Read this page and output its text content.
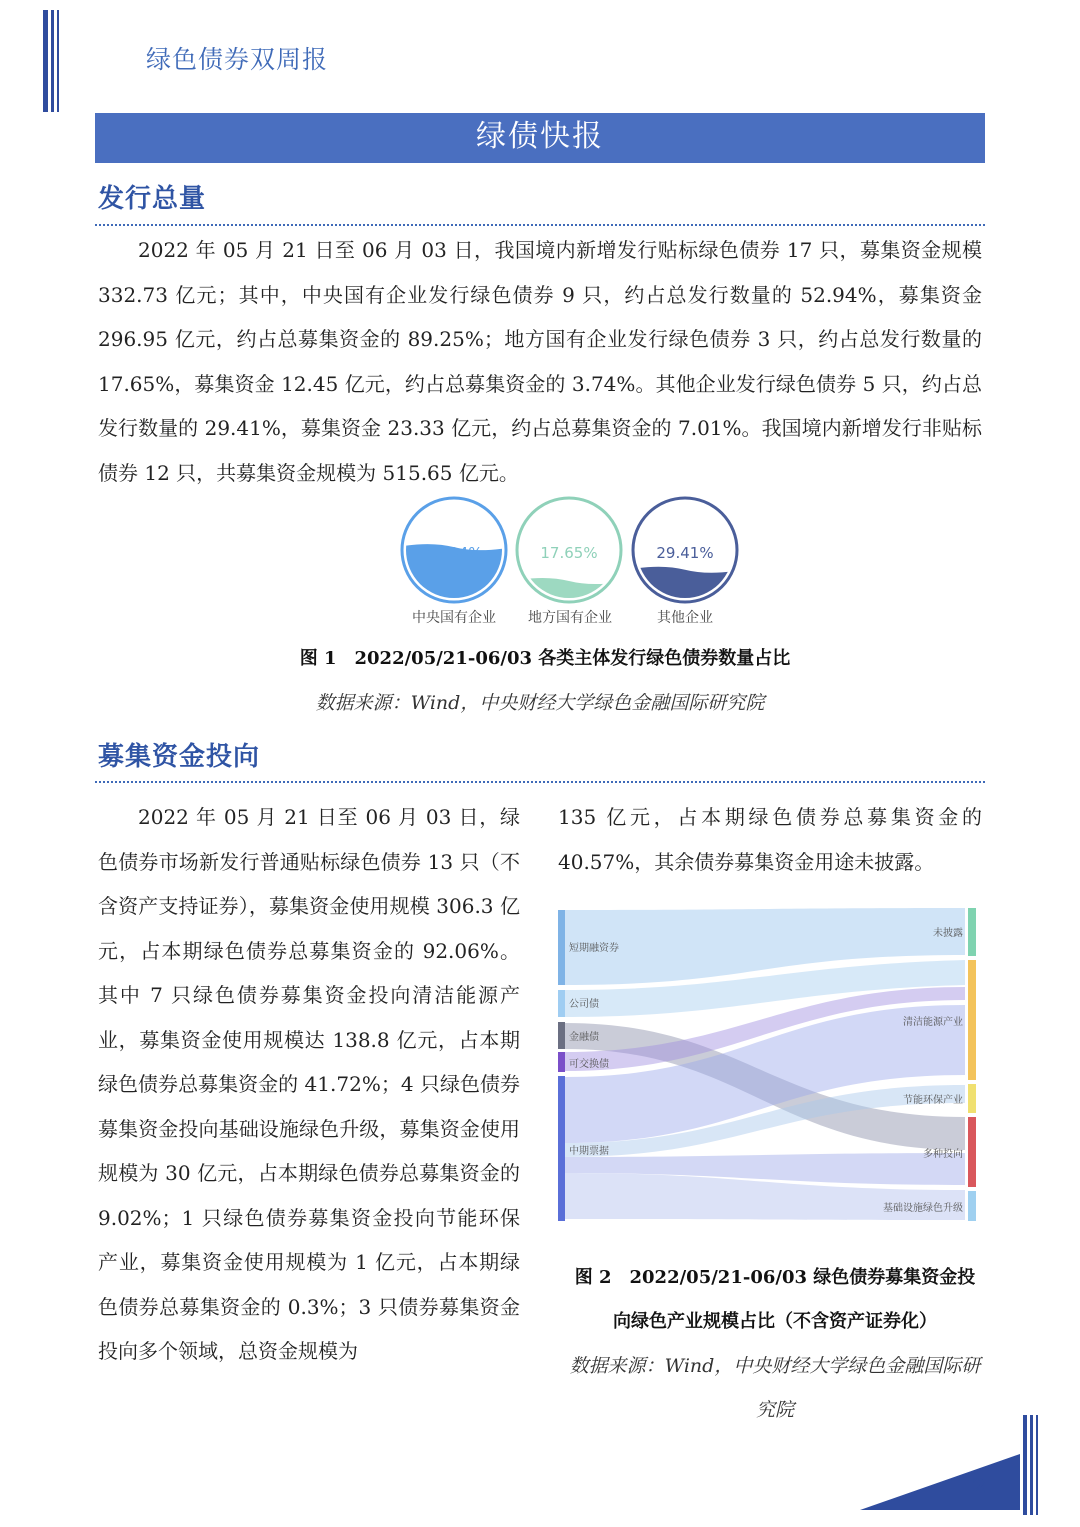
绿色债券双周报
绿债快报
发行总量
2022 年 05 月 21 日至 06 月 03 日，我国境内新增发行贴标绿色债券 17 只，募集资金规模 332.73 亿元；其中，中央国有企业发行绿色债券 9 只，约占总发行数量的 52.94%，募集资金 296.95 亿元，约占总募集资金的 89.25%；地方国有企业发行绿色债券 3 只，约占总发行数量的 17.65%，募集资金 12.45 亿元，约占总募集资金的 3.74%。其他企业发行绿色债券 5 只，约占总发行数量的 29.41%，募集资金 23.33 亿元，约占总募集资金的 7.01%。我国境内新增发行非贴标债券 12 只，共募集资金规模为 515.65 亿元。
52.94%	17.65%	29.41%
中央国有企业	地方国有企业	其他企业
图 1　2022/05/21-06/03 各类主体发行绿色债券数量占比
数据来源：Wind，中央财经大学绿色金融国际研究院
募集资金投向
2022 年 05 月 21 日至 06 月 03 日，绿色债券市场新发行普通贴标绿色债券 13 只（不含资产支持证券），募集资金使用规模 306.3 亿元，占本期绿色债券总募集资金的 92.06%。其中 7 只绿色债券募集资金投向清洁能源产业，募集资金使用规模达 138.8 亿元，占本期绿色债券总募集资金的 41.72%；4 只绿色债券募集资金投向基础设施绿色升级，募集资金使用规模为 30 亿元，占本期绿色债券总募集资金的 9.02%；1 只绿色债券募集资金投向节能环保产业，募集资金使用规模为 1 亿元，占本期绿色债券总募集资金的 0.3%；3 只债券募集资金投向多个领域，总资金规模为
135 亿元，占本期绿色债券总募集资金的 40.57%，其余债券募集资金用途未披露。
短期融资券
公司债
金融债
可交换债
中期票据
未披露
清洁能源产业
节能环保产业
多种投向
基础设施绿色升级
图 2　2022/05/21-06/03 绿色债券募集资金投
向绿色产业规模占比（不含资产证券化）
数据来源：Wind，中央财经大学绿色金融国际研
究院
2
